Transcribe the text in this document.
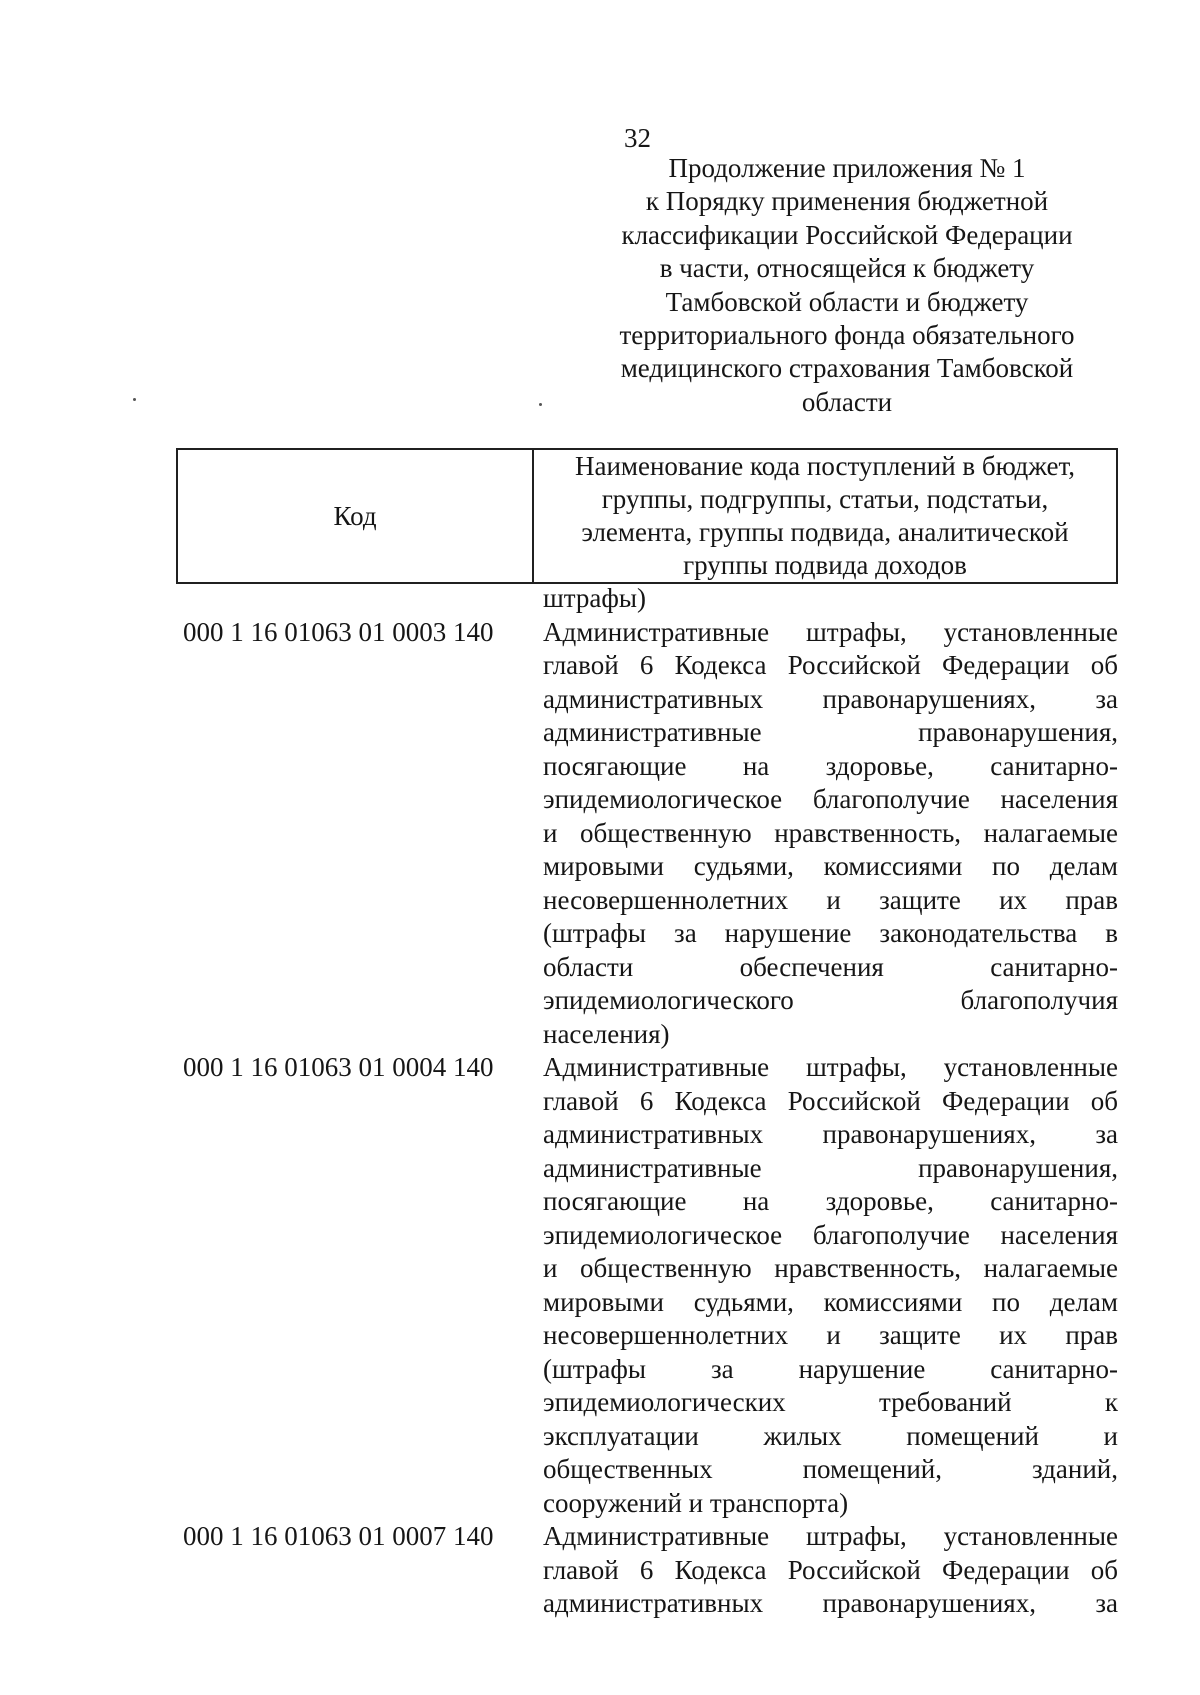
32
Продолжение приложения № 1
к Порядку применения бюджетной
классификации Российской Федерации
в части, относящейся к бюджету
Тамбовской области и бюджету
территориального фонда обязательного
медицинского страхования Тамбовской
области
Код	
Наименование кода поступлений в бюджет,
группы, подгруппы, статьи, подстатьи,
элемента, группы подвида, аналитической
группы подвида доходов
штрафы)
000 1 16 01063 01 0003 140	Административные штрафы, установленные
главой 6 Кодекса Российской Федерации об
административных правонарушениях, за
административные правонарушения,
посягающие на здоровье, санитарно-
эпидемиологическое благополучие населения
и общественную нравственность, налагаемые
мировыми судьями, комиссиями по делам
несовершеннолетних и защите их прав
(штрафы за нарушение законодательства в
области обеспечения санитарно-
эпидемиологического благополучия
населения)
000 1 16 01063 01 0004 140	Административные штрафы, установленные
главой 6 Кодекса Российской Федерации об
административных правонарушениях, за
административные правонарушения,
посягающие на здоровье, санитарно-
эпидемиологическое благополучие населения
и общественную нравственность, налагаемые
мировыми судьями, комиссиями по делам
несовершеннолетних и защите их прав
(штрафы за нарушение санитарно-
эпидемиологических требований к
эксплуатации жилых помещений и
общественных помещений, зданий,
сооружений и транспорта)
000 1 16 01063 01 0007 140	Административные штрафы, установленные
главой 6 Кодекса Российской Федерации об
административных правонарушениях, за
